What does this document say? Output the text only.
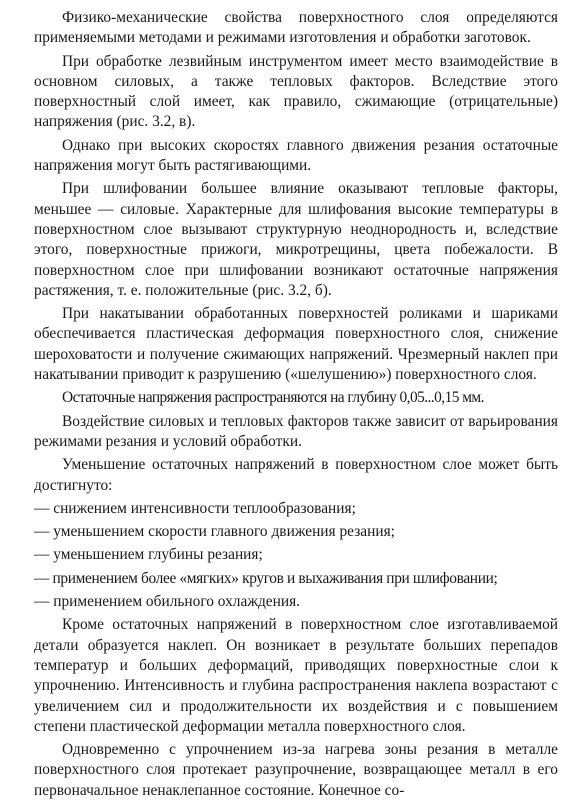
Физико-механические свойства поверхностного слоя определяются применяемыми методами и режимами изготовления и обработки заготовок.

При обработке лезвийным инструментом имеет место взаимодействие в основном силовых, а также тепловых факторов. Вследствие этого поверхностный слой имеет, как правило, сжимающие (отрицательные) напряжения (рис. 3.2, в).

Однако при высоких скоростях главного движения резания остаточные напряжения могут быть растягивающими.

При шлифовании большее влияние оказывают тепловые факторы, меньшее — силовые. Характерные для шлифования высокие температуры в поверхностном слое вызывают структурную неоднородность и, вследствие этого, поверхностные прижоги, микротрещины, цвета побежалости. В поверхностном слое при шлифовании возникают остаточные напряжения растяжения, т. е. положительные (рис. 3.2, б).

При накатывании обработанных поверхностей роликами и шариками обеспечивается пластическая деформация поверхностного слоя, снижение шероховатости и получение сжимающих напряжений. Чрезмерный наклеп при накатывании приводит к разрушению («шелушению») поверхностного слоя.

Остаточные напряжения распространяются на глубину 0,05...0,15 мм.

Воздействие силовых и тепловых факторов также зависит от варьирования режимами резания и условий обработки.

Уменьшение остаточных напряжений в поверхностном слое может быть достигнуто:

— снижением интенсивности теплообразования;

— уменьшением скорости главного движения резания;

— уменьшением глубины резания;

— применением более «мягких» кругов и выхаживания при шлифовании;

— применением обильного охлаждения.

Кроме остаточных напряжений в поверхностном слое изготавливаемой детали образуется наклеп. Он возникает в результате больших перепадов температур и больших деформаций, приводящих поверхностные слои к упрочнению. Интенсивность и глубина распространения наклепа возрастают с увеличением сил и продолжительности их воздействия и с повышением степени пластической деформации металла поверхностного слоя.

Одновременно с упрочнением из-за нагрева зоны резания в металле поверхностного слоя протекает разупрочнение, возвращающее металл в его первоначальное ненаклепанное состояние. Конечное со-
